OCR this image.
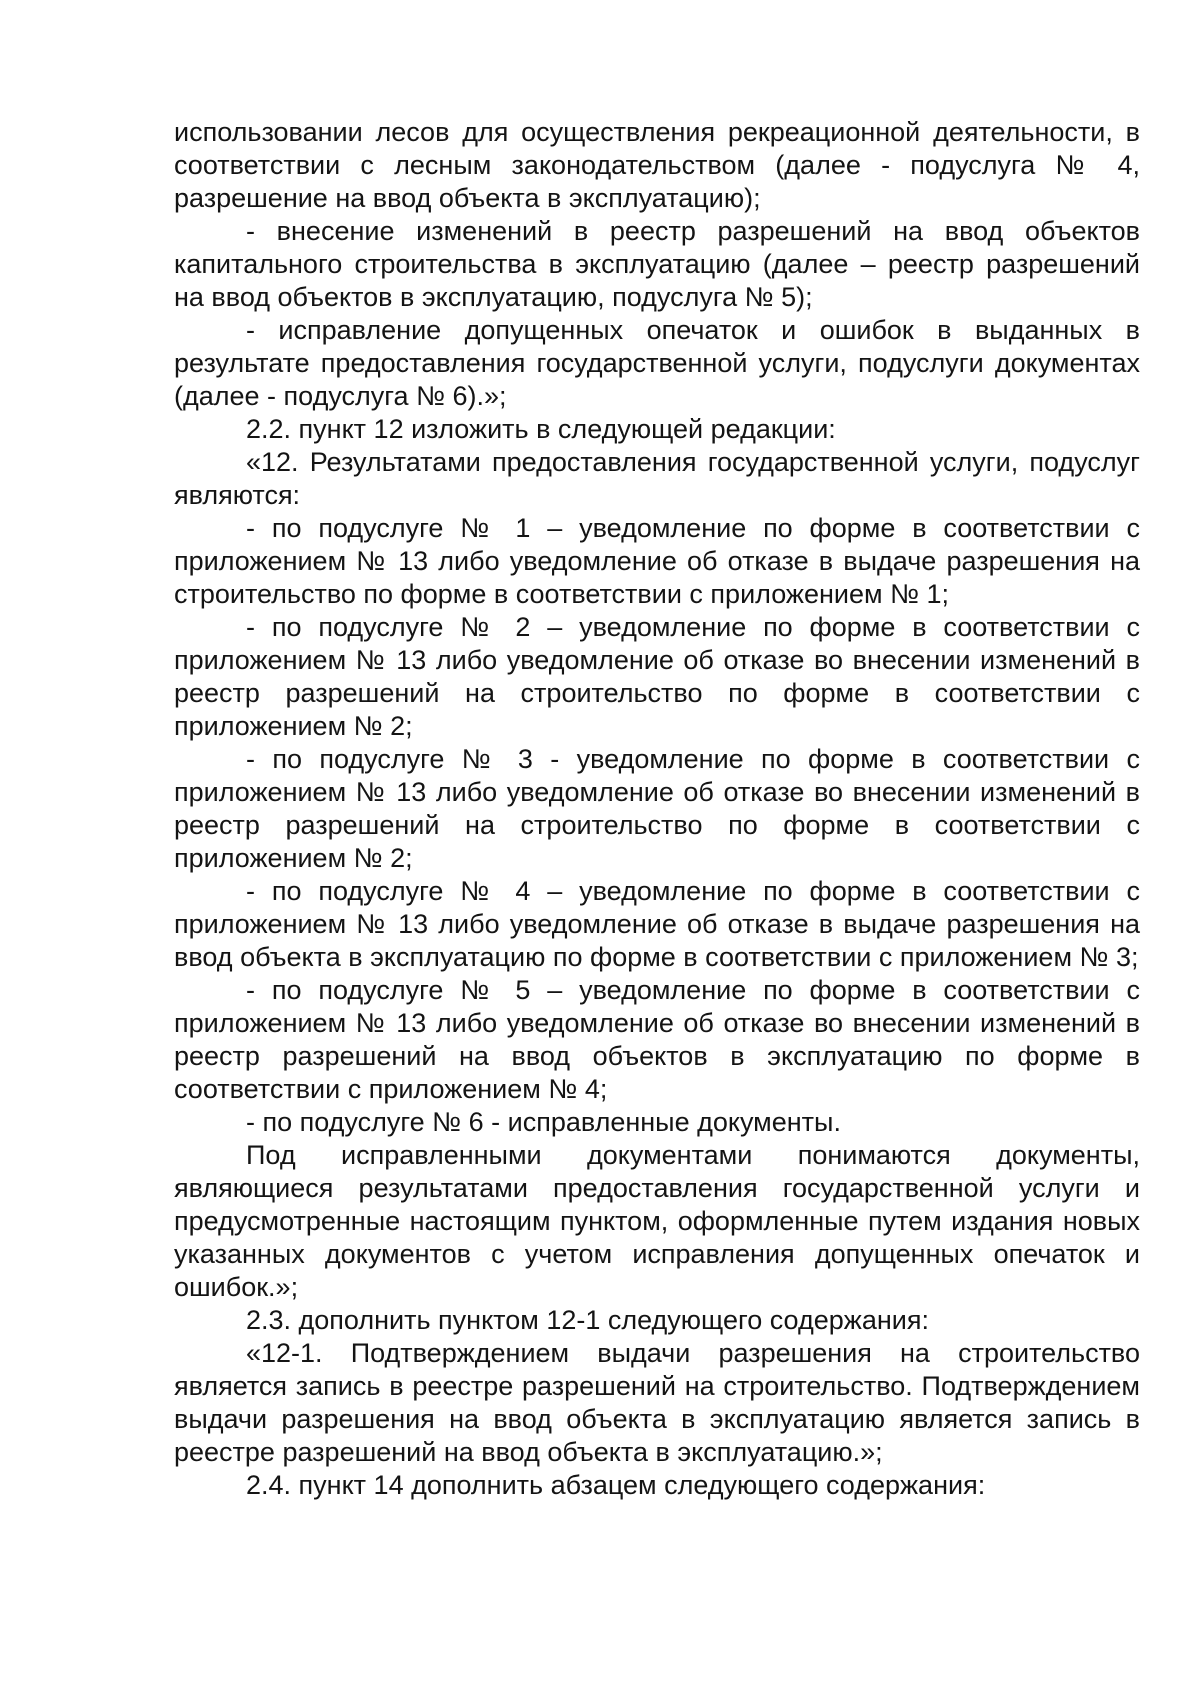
использовании лесов для осуществления рекреационной деятельности, в соответствии с лесным законодательством (далее - подуслуга № 4, разрешение на ввод объекта в эксплуатацию);

- внесение изменений в реестр разрешений на ввод объектов капитального строительства в эксплуатацию (далее – реестр разрешений на ввод объектов в эксплуатацию, подуслуга № 5);

- исправление допущенных опечаток и ошибок в выданных в результате предоставления государственной услуги, подуслуги документах (далее - подуслуга № 6).»;

2.2. пункт 12 изложить в следующей редакции:

«12. Результатами предоставления государственной услуги, подуслуг являются:

- по подуслуге № 1 – уведомление по форме в соответствии с приложением № 13 либо уведомление об отказе в выдаче разрешения на строительство по форме в соответствии с приложением № 1;

- по подуслуге № 2 – уведомление по форме в соответствии с приложением № 13 либо уведомление об отказе во внесении изменений в реестр разрешений на строительство по форме в соответствии с приложением № 2;

- по подуслуге № 3 - уведомление по форме в соответствии с приложением № 13 либо уведомление об отказе во внесении изменений в реестр разрешений на строительство по форме в соответствии с приложением № 2;

- по подуслуге № 4 – уведомление по форме в соответствии с приложением № 13 либо уведомление об отказе в выдаче разрешения на ввод объекта в эксплуатацию по форме в соответствии с приложением № 3;

- по подуслуге № 5 – уведомление по форме в соответствии с приложением № 13 либо уведомление об отказе во внесении изменений в реестр разрешений на ввод объектов в эксплуатацию по форме в соответствии с приложением № 4;

- по подуслуге № 6 - исправленные документы.

Под исправленными документами понимаются документы, являющиеся результатами предоставления государственной услуги и предусмотренные настоящим пунктом, оформленные путем издания новых указанных документов с учетом исправления допущенных опечаток и ошибок.»;

2.3. дополнить пунктом 12-1 следующего содержания:

«12-1. Подтверждением выдачи разрешения на строительство является запись в реестре разрешений на строительство. Подтверждением выдачи разрешения на ввод объекта в эксплуатацию является запись в реестре разрешений на ввод объекта в эксплуатацию.»;

2.4. пункт 14 дополнить абзацем следующего содержания:
